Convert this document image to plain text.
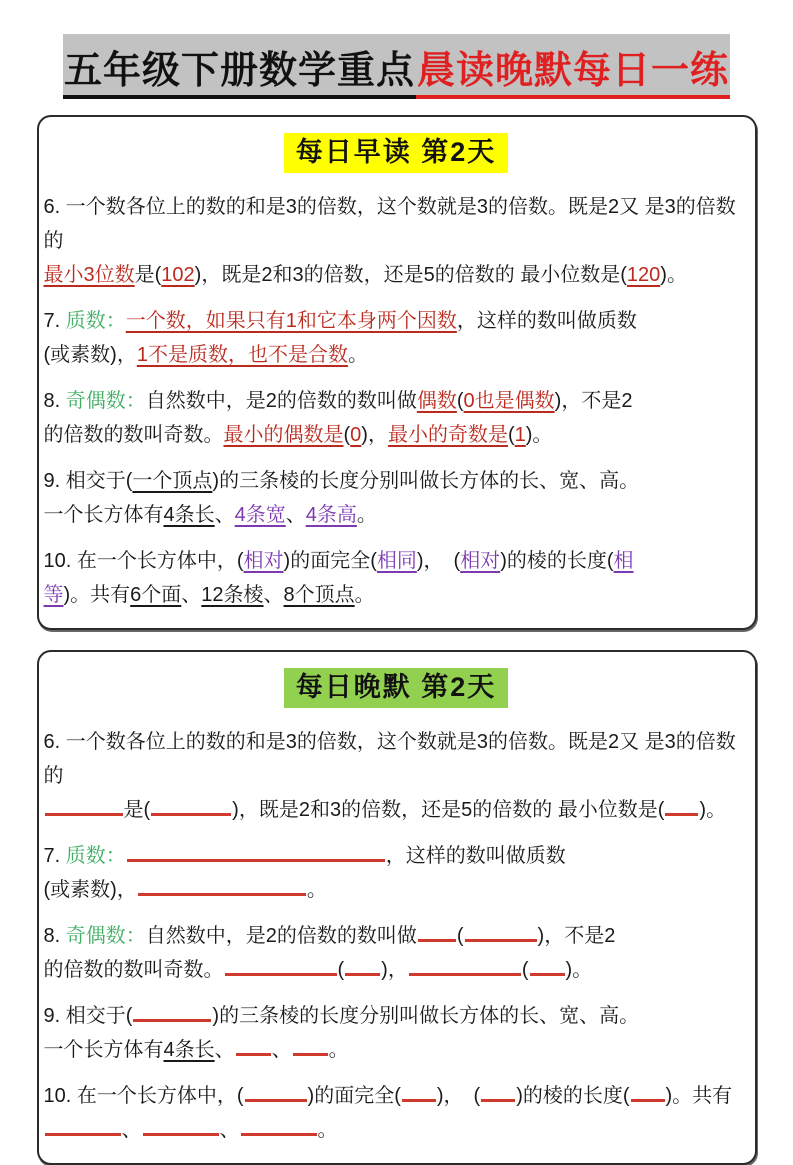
五年级下册数学重点晨读晚默每日一练
每日早读 第2天
6. 一个数各位上的数的和是3的倍数，这个数就是3的倍数。既是2又 是3的倍数的
最小3位数是(102)，既是2和3的倍数，还是5的倍数的 最小位数是(120)。
7. 质数：一个数，如果只有1和它本身两个因数，这样的数叫做质数
(或素数)，1不是质数，也不是合数。
8. 奇偶数：自然数中，是2的倍数的数叫做偶数(0也是偶数)，不是2
的倍数的数叫奇数。最小的偶数是(0)，最小的奇数是(1)。
9. 相交于(一个顶点)的三条棱的长度分别叫做长方体的长、宽、高。
一个长方体有4条长、4条宽、4条高。
10. 在一个长方体中，(相对)的面完全(相同)，　(相对)的棱的长度(相
等)。共有6个面、12条棱、8个顶点。
每日晚默 第2天
6. 一个数各位上的数的和是3的倍数，这个数就是3的倍数。既是2又 是3的倍数的
是(	)，既是2和3的倍数，还是5的倍数的 最小位数是( )。
7. 质数：	，这样的数叫做质数
(或素数)，	。
8. 奇偶数：自然数中，是2的倍数的数叫做 (	)，不是2
的倍数的数叫奇数。	( )，	( )。
9. 相交于(	)的三条棱的长度分别叫做长方体的长、宽、高。
一个长方体有4条长、 、 。
10. 在一个长方体中，(	)的面完全( )，　( )的棱的长度( )。共有
、	、	。
